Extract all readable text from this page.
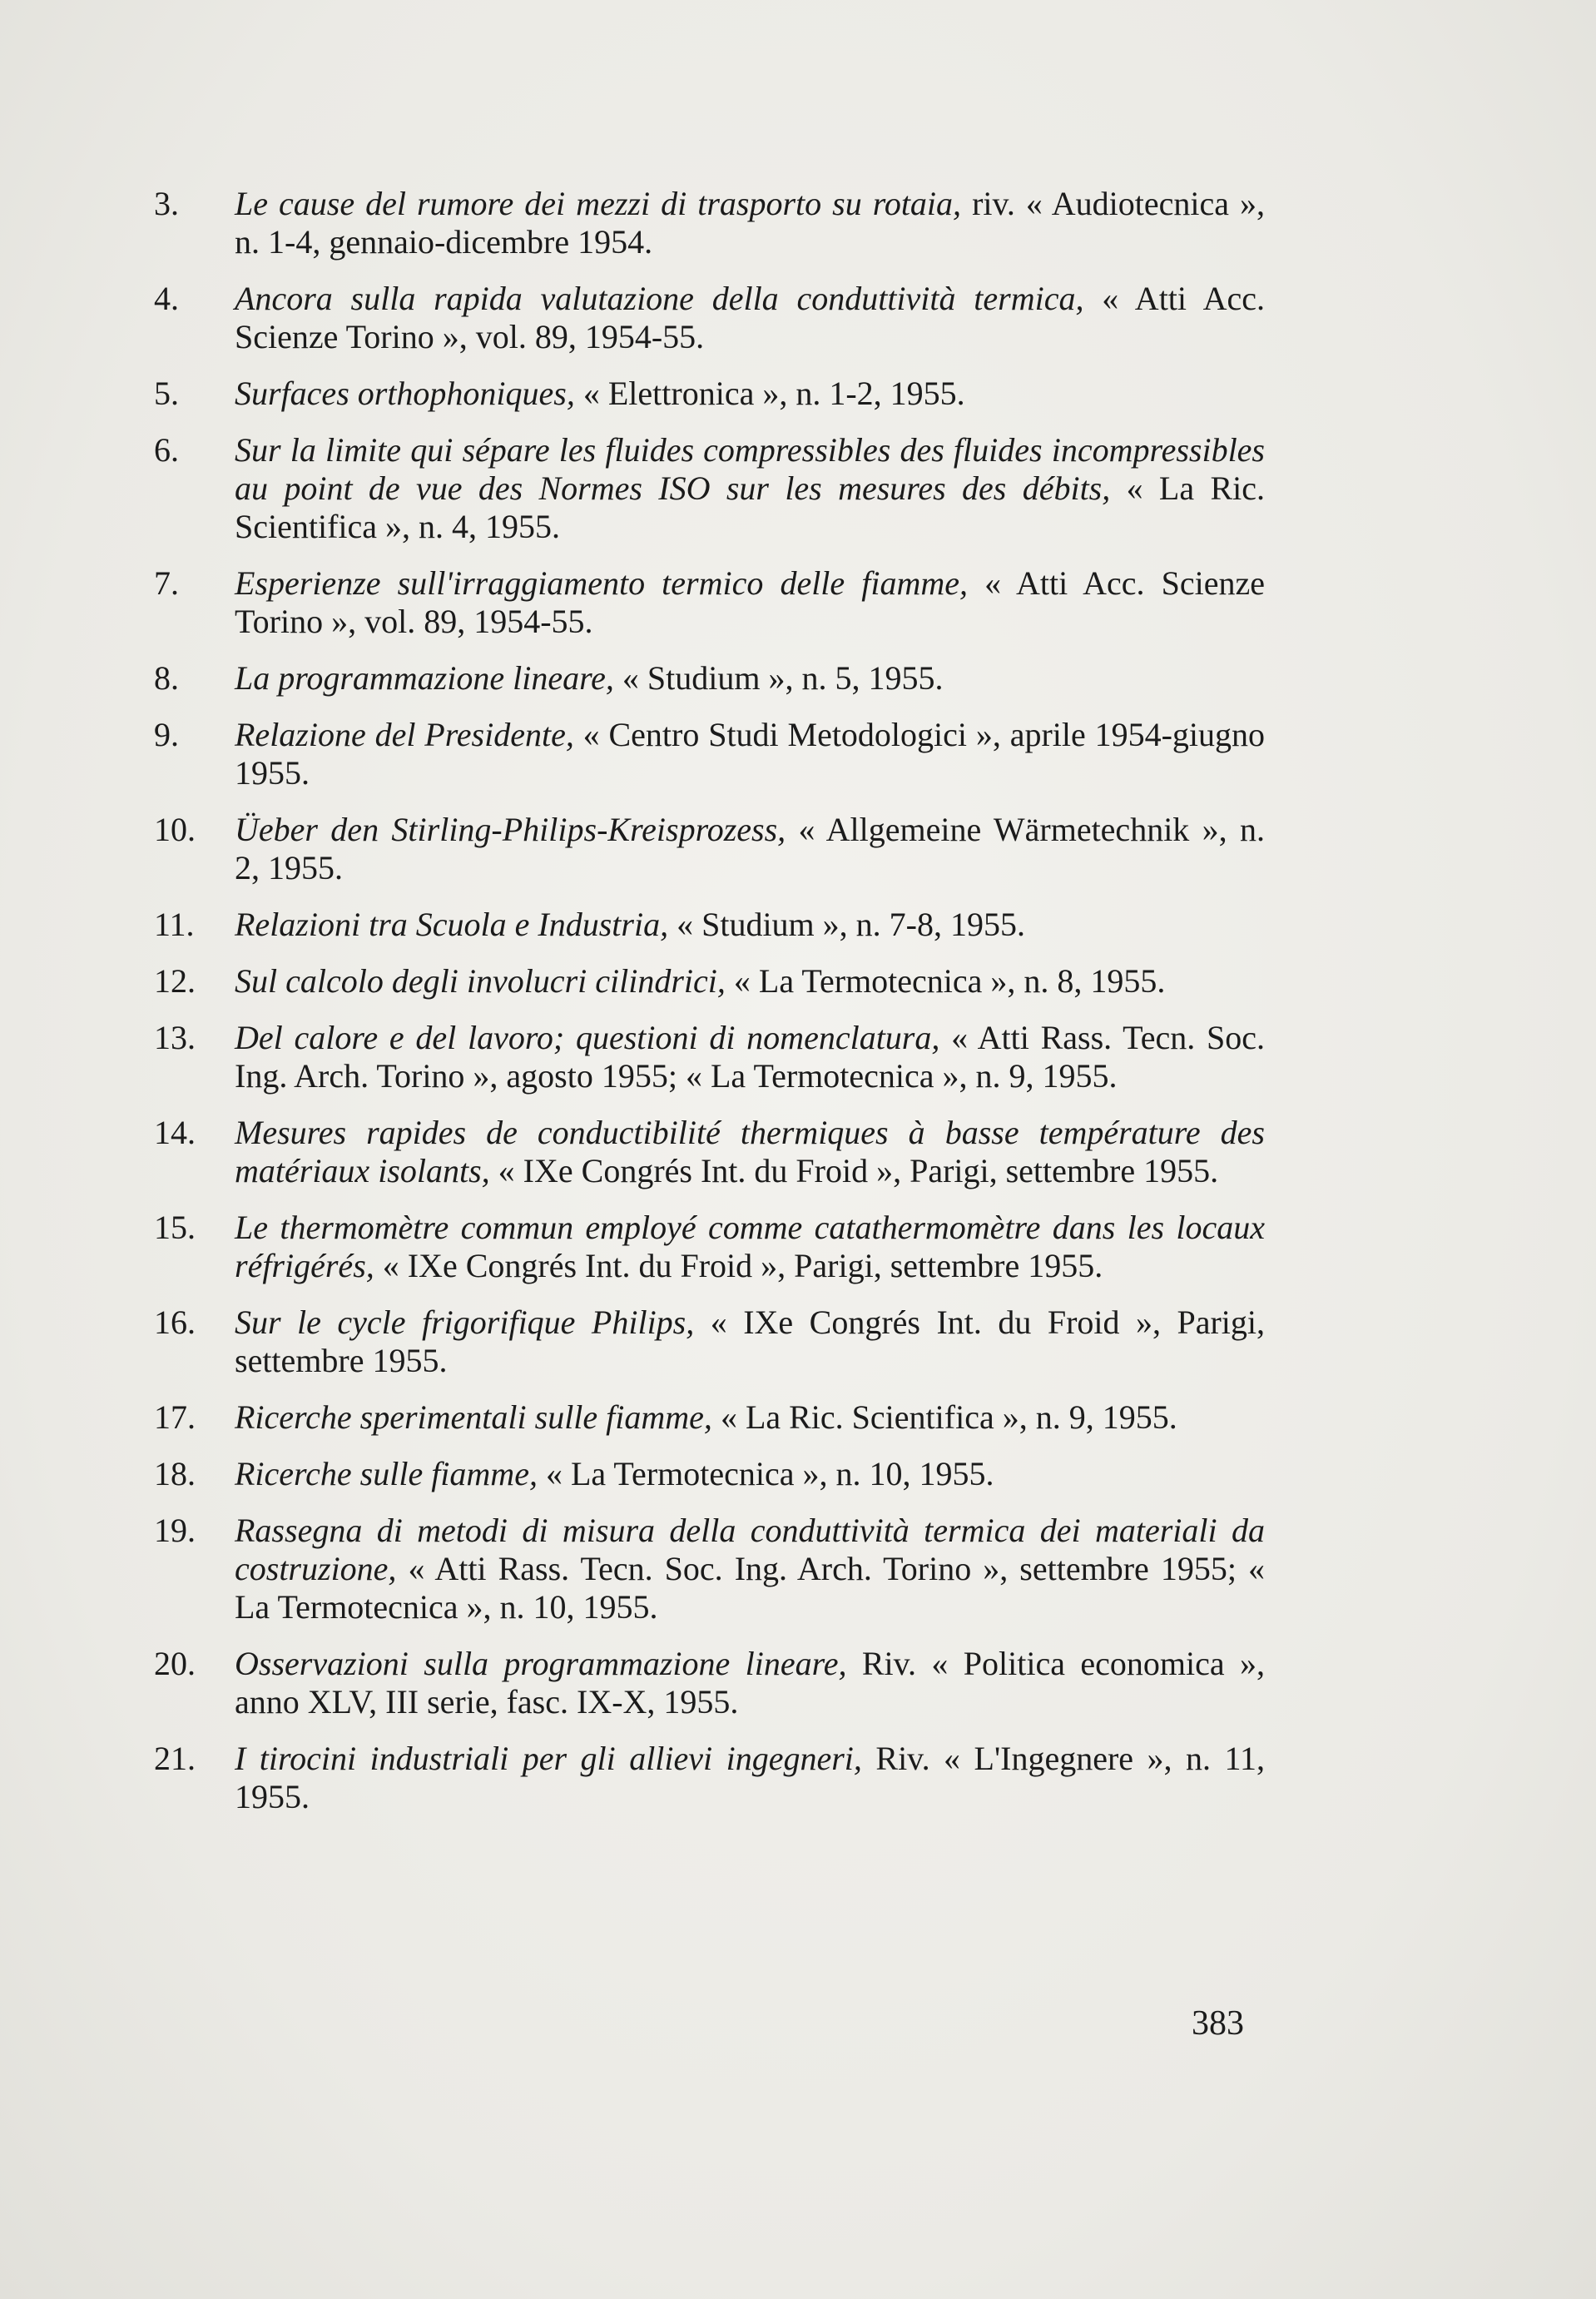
3. Le cause del rumore dei mezzi di trasporto su rotaia, riv. « Audiotecnica », n. 1-4, gennaio-dicembre 1954.

4. Ancora sulla rapida valutazione della conduttività termica, « Atti Acc. Scienze Torino », vol. 89, 1954-55.

5. Surfaces orthophoniques, « Elettronica », n. 1-2, 1955.

6. Sur la limite qui sépare les fluides compressibles des fluides incompressibles au point de vue des Normes ISO sur les mesures des débits, « La Ric. Scientifica », n. 4, 1955.

7. Esperienze sull'irraggiamento termico delle fiamme, « Atti Acc. Scienze Torino », vol. 89, 1954-55.

8. La programmazione lineare, « Studium », n. 5, 1955.

9. Relazione del Presidente, « Centro Studi Metodologici », aprile 1954-giugno 1955.

10. Üeber den Stirling-Philips-Kreisprozess, « Allgemeine Wärmetechnik », n. 2, 1955.

11. Relazioni tra Scuola e Industria, « Studium », n. 7-8, 1955.

12. Sul calcolo degli involucri cilindrici, « La Termotecnica », n. 8, 1955.

13. Del calore e del lavoro; questioni di nomenclatura, « Atti Rass. Tecn. Soc. Ing. Arch. Torino », agosto 1955; « La Termotecnica », n. 9, 1955.

14. Mesures rapides de conductibilité thermiques à basse température des matériaux isolants, « IXe Congrés Int. du Froid », Parigi, settembre 1955.

15. Le thermomètre commun employé comme catathermomètre dans les locaux réfrigérés, « IXe Congrés Int. du Froid », Parigi, settembre 1955.

16. Sur le cycle frigorifique Philips, « IXe Congrés Int. du Froid », Parigi, settembre 1955.

17. Ricerche sperimentali sulle fiamme, « La Ric. Scientifica », n. 9, 1955.

18. Ricerche sulle fiamme, « La Termotecnica », n. 10, 1955.

19. Rassegna di metodi di misura della conduttività termica dei materiali da costruzione, « Atti Rass. Tecn. Soc. Ing. Arch. Torino », settembre 1955; « La Termotecnica », n. 10, 1955.

20. Osservazioni sulla programmazione lineare, Riv. « Politica economica », anno XLV, III serie, fasc. IX-X, 1955.

21. I tirocini industriali per gli allievi ingegneri, Riv. « L'Ingegnere », n. 11, 1955.

383
